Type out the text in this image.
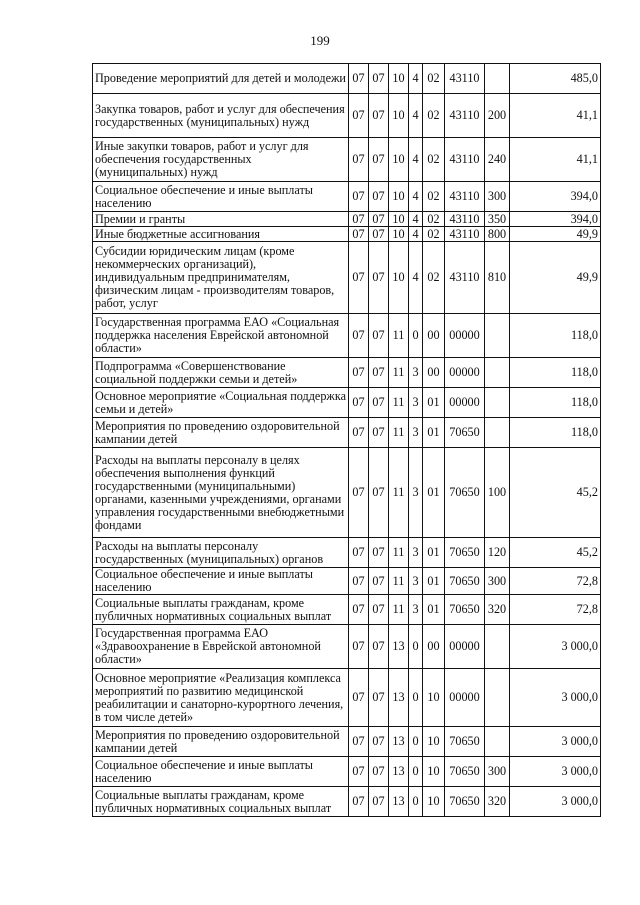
199
Проведение мероприятий для детей и молодежи	07	07	10	4	02	43110		485,0
Закупка товаров, работ и услуг для обеспечения государственных (муниципальных) нужд	07	07	10	4	02	43110	200	41,1
Иные закупки товаров, работ и услуг для обеспечения государственных (муниципальных) нужд	07	07	10	4	02	43110	240	41,1
Социальное обеспечение и иные выплаты населению	07	07	10	4	02	43110	300	394,0
Премии и гранты	07	07	10	4	02	43110	350	394,0
Иные бюджетные ассигнования	07	07	10	4	02	43110	800	49,9
Субсидии юридическим лицам (кроме некоммерческих организаций), индивидуальным предпринимателям, физическим лицам - производителям товаров, работ, услуг	07	07	10	4	02	43110	810	49,9
Государственная программа ЕАО «Социальная поддержка населения Еврейской автономной области»	07	07	11	0	00	00000		118,0
Подпрограмма «Совершенствование социальной поддержки семьи и детей»	07	07	11	3	00	00000		118,0
Основное мероприятие «Социальная поддержка семьи и детей»	07	07	11	3	01	00000		118,0
Мероприятия по проведению оздоровительной кампании детей	07	07	11	3	01	70650		118,0
Расходы на выплаты персоналу в целях обеспечения выполнения функций государственными (муниципальными) органами, казенными учреждениями, органами управления государственными внебюджетными фондами	07	07	11	3	01	70650	100	45,2
Расходы на выплаты персоналу государственных (муниципальных) органов	07	07	11	3	01	70650	120	45,2
Социальное обеспечение и иные выплаты населению	07	07	11	3	01	70650	300	72,8
Социальные выплаты гражданам, кроме публичных нормативных социальных выплат	07	07	11	3	01	70650	320	72,8
Государственная программа ЕАО «Здравоохранение в Еврейской автономной области»	07	07	13	0	00	00000		3 000,0
Основное мероприятие «Реализация комплекса мероприятий по развитию медицинской реабилитации и санаторно-курортного лечения, в том числе детей»	07	07	13	0	10	00000		3 000,0
Мероприятия по проведению оздоровительной кампании детей	07	07	13	0	10	70650		3 000,0
Социальное обеспечение и иные выплаты населению	07	07	13	0	10	70650	300	3 000,0
Социальные выплаты гражданам, кроме публичных нормативных социальных выплат	07	07	13	0	10	70650	320	3 000,0
